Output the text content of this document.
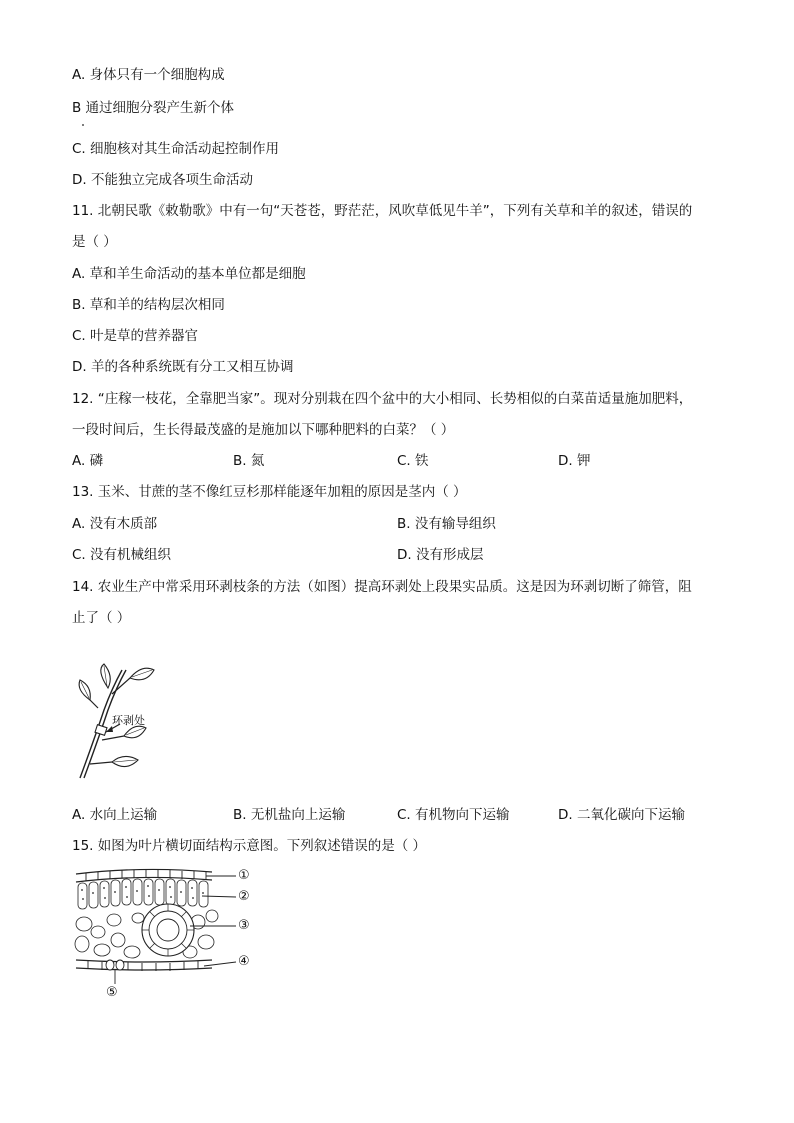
A. 身体只有一个细胞构成
B 通过细胞分裂产生新个体
C. 细胞核对其生命活动起控制作用
D. 不能独立完成各项生命活动
11. 北朝民歌《敕勒歌》中有一句“天苍苍，野茫茫，风吹草低见牛羊”，下列有关草和羊的叙述，错误的
是（ ）
A. 草和羊生命活动的基本单位都是细胞
B. 草和羊的结构层次相同
C. 叶是草的营养器官
D. 羊的各种系统既有分工又相互协调
12. “庄稼一枝花，全靠肥当家”。现对分别栽在四个盆中的大小相同、长势相似的白菜苗适量施加肥料，
一段时间后，生长得最茂盛的是施加以下哪种肥料的白菜？（ ）
A. 磷	B. 氮	C. 铁	D. 钾
13. 玉米、甘蔗的茎不像红豆杉那样能逐年加粗的原因是茎内（ ）
A. 没有木质部	B. 没有输导组织
C. 没有机械组织	D. 没有形成层
14. 农业生产中常采用环剥枝条的方法（如图）提高环剥处上段果实品质。这是因为环剥切断了筛管，阻
止了（ ）
环剥处
A. 水向上运输	B. 无机盐向上运输	C. 有机物向下运输	D. 二氧化碳向下运输
15. 如图为叶片横切面结构示意图。下列叙述错误的是（ ）
①
②
③
④
⑤
